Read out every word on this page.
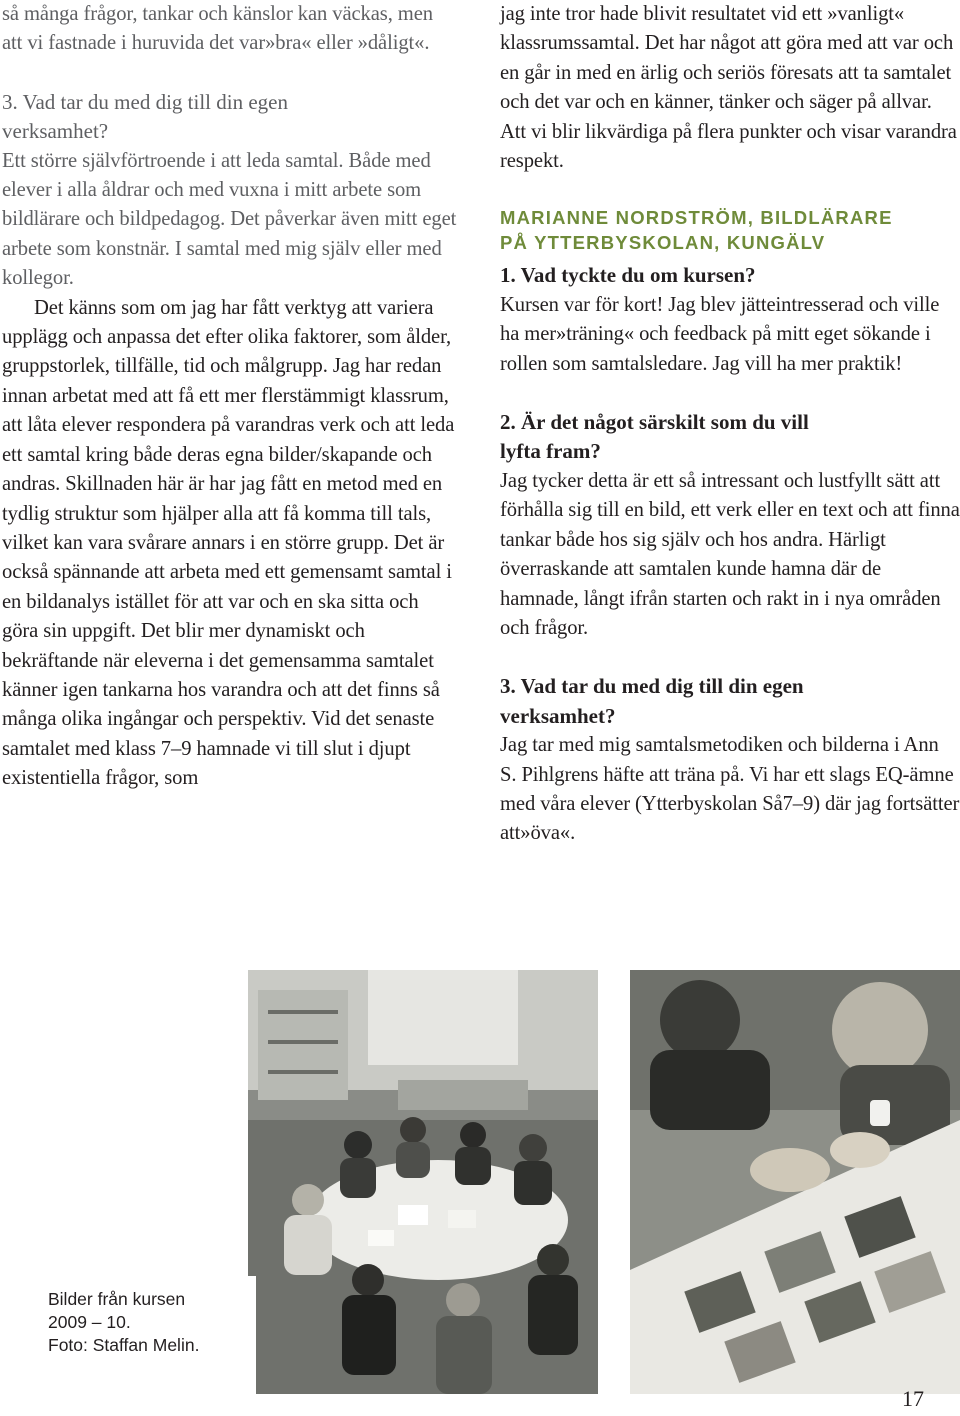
så många frågor, tankar och känslor kan väckas, men att vi fastnade i huruvida det var»bra« eller »dåligt«.

3. Vad tar du med dig till din egen
verksamhet?

Ett större självförtroende i att leda samtal. Både med elever i alla åldrar och med vuxna i mitt arbete som bildlärare och bildpedagog. Det påverkar även mitt eget arbete som konstnär. I samtal med mig själv eller med kollegor.

Det känns som om jag har fått verktyg att variera upplägg och anpassa det efter olika faktorer, som ålder, gruppstorlek, tillfälle, tid och målgrupp. Jag har redan innan arbetat med att få ett mer flerstämmigt klassrum, att låta elever respondera på varandras verk och att leda ett samtal kring både deras egna bilder/skapande och andras. Skillnaden här är har jag fått en metod med en tydlig struktur som hjälper alla att få komma till tals, vilket kan vara svårare annars i en större grupp. Det är också spännande att arbeta med ett gemensamt samtal i en bildanalys istället för att var och en ska sitta och göra sin uppgift. Det blir mer dynamiskt och bekräftande när eleverna i det gemensamma samtalet känner igen tankarna hos varandra och att det finns så många olika ingångar och perspektiv. Vid det senaste samtalet med klass 7–9 hamnade vi till slut i djupt existentiella frågor, som

jag inte tror hade blivit resultatet vid ett »vanligt« klassrumssamtal. Det har något att göra med att var och en går in med en ärlig och seriös föresats att ta samtalet och det var och en känner, tänker och säger på allvar. Att vi blir likvärdiga på flera punkter och visar varandra respekt.

MARIANNE NORDSTRÖM, BILDLÄRARE
PÅ YTTERBYSKOLAN, KUNGÄLV

1. Vad tyckte du om kursen?

Kursen var för kort! Jag blev jätteintresserad och ville ha mer»träning« och feedback på mitt eget sökande i rollen som samtalsledare. Jag vill ha mer praktik!

2. Är det något särskilt som du vill
lyfta fram?

Jag tycker detta är ett så intressant och lustfyllt sätt att förhålla sig till en bild, ett verk eller en text och att finna tankar både hos sig själv och hos andra. Härligt överraskande att samtalen kunde hamna där de hamnade, långt ifrån starten och rakt in i nya områden och frågor.

3. Vad tar du med dig till din egen
verksamhet?

Jag tar med mig samtalsmetodiken och bilderna i Ann S. Pihlgrens häfte att träna på. Vi har ett slags EQ-ämne med våra elever (Ytterbyskolan Så7–9) där jag fortsätter att»öva«.

Bilder från kursen
2009 – 10.
Foto: Staffan Melin.
17
